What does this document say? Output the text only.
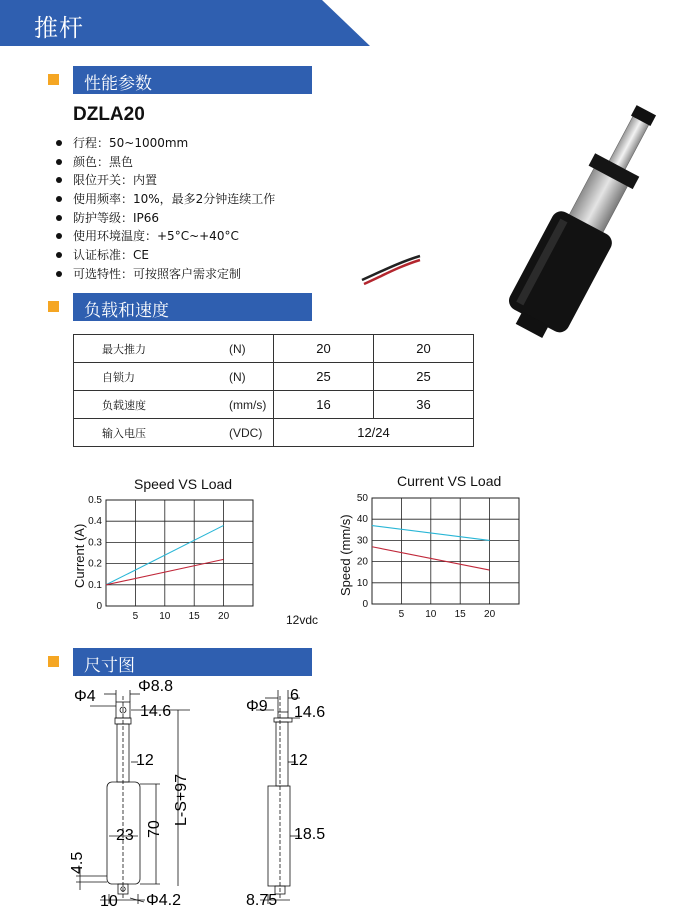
推杆
性能参数
DZLA20
行程：50~1000mm
颜色：黑色
限位开关：内置
使用频率：10%，最多2分钟连续工作
防护等级：IP66
使用环境温度：+5°C~+40°C
认证标准：CE
可选特性：可按照客户需求定制
负载和速度
最大推力	(N)	20	20
自锁力	(N)	25	25
负载速度	(mm/s)	16	36
输入电压	(VDC)	12/24	
Speed VS Load
Current (A)
0
0.1
0.2
0.3
0.4
0.5
5 10 15 20
Current VS Load
Speed (mm/s)
0
10
20
30
40
50
5 10 15 20
12vdc
尺寸图
Φ4
Φ8.8
14.6
12
23 70
L-S+97
4.5
10 Φ4.2
6
Φ9 14.6
12
18.5
8.75
